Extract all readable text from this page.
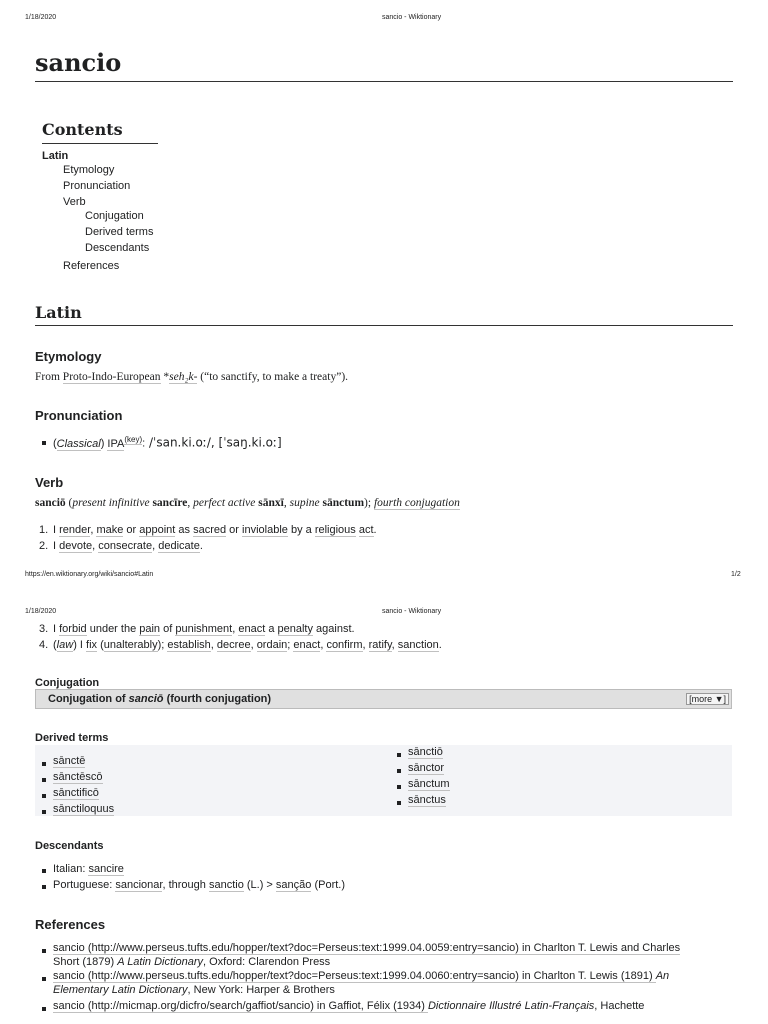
1/18/2020	sancio - Wiktionary
sancio
Contents
Latin
Etymology
Pronunciation
Verb
Conjugation
Derived terms
Descendants
References
Latin
Etymology
From Proto-Indo-European *seh₂k- (“to sanctify, to make a treaty”).
Pronunciation
(Classical) $IPA^{(key)}$: /ˈsan.ki.oː/, [ˈsaŋ.ki.oː]
Verb
sanciō (present infinitive sancīre, perfect active sānxī, supine sānctum); fourth conjugation
1. I render, make or appoint as sacred or inviolable by a religious act.
2. I devote, consecrate, dedicate.
https://en.wiktionary.org/wiki/sancio#Latin	1/2
1/18/2020	sancio - Wiktionary
3. I forbid under the pain of punishment, enact a penalty against.
4. (law) I fix (unalterably); establish, decree, ordain; enact, confirm, ratify, sanction.
Conjugation
Conjugation of sanciō (fourth conjugation)	[more ▼]
Derived terms
sānctē
sānctēscō
sānctificō
sānctiloquus
sānctiō
sānctor
sānctum
sānctus
Descendants
Italian: sancire
Portuguese: sancionar, through sanctio (L.) > sanção (Port.)
References
sancio (http://www.perseus.tufts.edu/hopper/text?doc=Perseus:text:1999.04.0059:entry=sancio) in Charlton T. Lewis and Charles
Short (1879) A Latin Dictionary, Oxford: Clarendon Press
sancio (http://www.perseus.tufts.edu/hopper/text?doc=Perseus:text:1999.04.0060:entry=sancio) in Charlton T. Lewis (1891) An
Elementary Latin Dictionary, New York: Harper & Brothers
sancio (http://micmap.org/dicfro/search/gaffiot/sancio) in Gaffiot, Félix (1934) Dictionnaire Illustré Latin-Français, Hachette
